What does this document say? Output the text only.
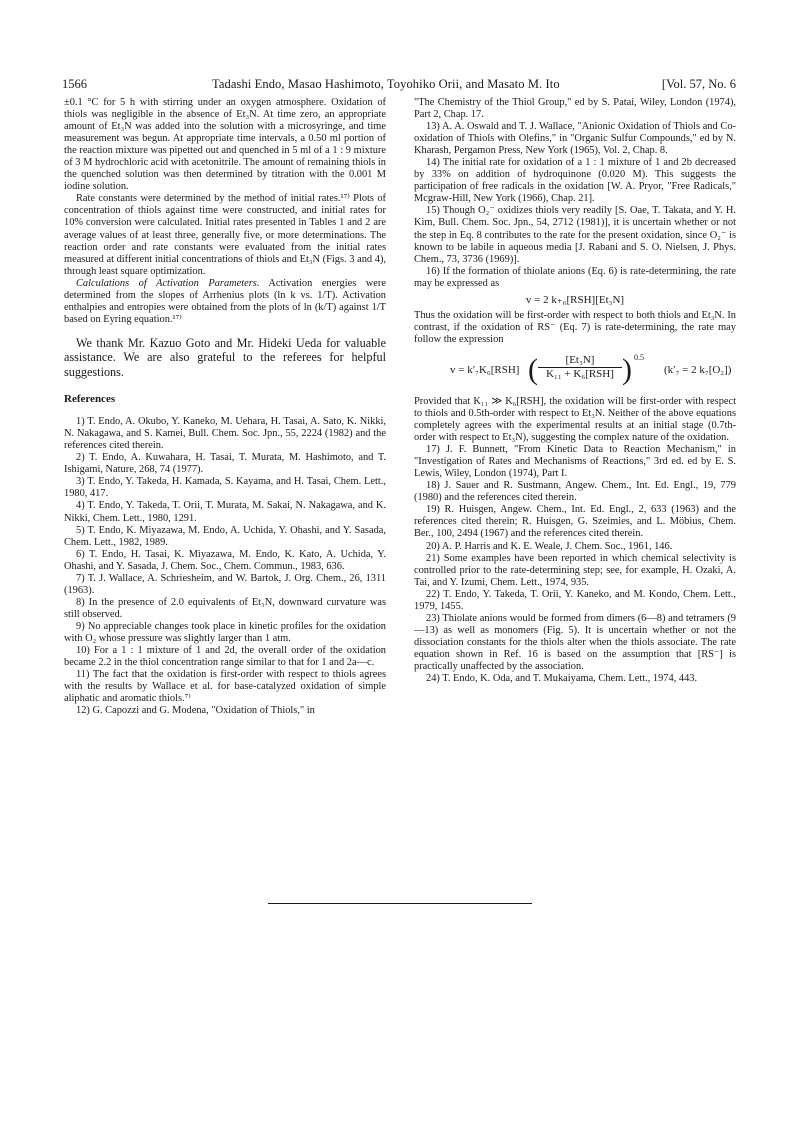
1566	Tadashi Endo, Masao Hashimoto, Toyohiko Orii, and Masato M. Ito	[Vol. 57, No. 6

±0.1 °C for 5 h with stirring under an oxygen atmosphere. Oxidation of thiols was negligible in the absence of Et₃N. At time zero, an appropriate amount of Et₃N was added into the solution with a microsyringe, and time measurement was begun. At appropriate time intervals, a 0.50 ml portion of the reaction mixture was pipetted out and quenched in 5 ml of a 1 : 9 mixture of 3 M hydrochloric acid with acetonitrile. The amount of remaining thiols in the quenched solution was then determined by titration with the 0.001 M iodine solution.

Rate constants were determined by the method of initial rates.¹⁷⁾ Plots of concentration of thiols against time were constructed, and initial rates for 10% conversion were calculated. Initial rates presented in Tables 1 and 2 are average values of at least three, generally five, or more determinations. The reaction order and rate constants were evaluated from the initial rates measured at different initial concentrations of thiols and Et₃N (Figs. 3 and 4), through least square optimization.

Calculations of Activation Parameters. Activation energies were determined from the slopes of Arrhenius plots (ln k vs. 1/T). Activation enthalpies and entropies were obtained from the plots of ln (k/T) against 1/T based on Eyring equation.¹⁷⁾

We thank Mr. Kazuo Goto and Mr. Hideki Ueda for valuable assistance. We are also grateful to the referees for helpful suggestions.

References

1) T. Endo, A. Okubo, Y. Kaneko, M. Uehara, H. Tasai, A. Sato, K. Nikki, N. Nakagawa, and S. Kamei, Bull. Chem. Soc. Jpn., 55, 2224 (1982) and the references cited therein.

2) T. Endo, A. Kuwahara, H. Tasai, T. Murata, M. Hashimoto, and T. Ishigami, Nature, 268, 74 (1977).

3) T. Endo, Y. Takeda, H. Kamada, S. Kayama, and H. Tasai, Chem. Lett., 1980, 417.

4) T. Endo, Y. Takeda, T. Orii, T. Murata, M. Sakai, N. Nakagawa, and K. Nikki, Chem. Lett., 1980, 1291.

5) T. Endo, K. Miyazawa, M. Endo, A. Uchida, Y. Ohashi, and Y. Sasada, Chem. Lett., 1982, 1989.

6) T. Endo, H. Tasai, K. Miyazawa, M. Endo, K. Kato, A. Uchida, Y. Ohashi, and Y. Sasada, J. Chem. Soc., Chem. Commun., 1983, 636.

7) T. J. Wallace, A. Schriesheim, and W. Bartok, J. Org. Chem., 26, 1311 (1963).

8) In the presence of 2.0 equivalents of Et₃N, downward curvature was still observed.

9) No appreciable changes took place in kinetic profiles for the oxidation with O₂ whose pressure was slightly larger than 1 atm.

10) For a 1 : 1 mixture of 1 and 2d, the overall order of the oxidation became 2.2 in the thiol concentration range similar to that for 1 and 2a—c.

11) The fact that the oxidation is first-order with respect to thiols agrees with the results by Wallace et al. for base-catalyzed oxidation of simple aliphatic and aromatic thiols.⁷⁾

12) G. Capozzi and G. Modena, "Oxidation of Thiols," in

"The Chemistry of the Thiol Group," ed by S. Patai, Wiley, London (1974), Part 2, Chap. 17.

13) A. A. Oswald and T. J. Wallace, "Anionic Oxidation of Thiols and Co-oxidation of Thiols with Olefins," in "Organic Sulfur Compounds," ed by N. Kharash, Pergamon Press, New York (1965), Vol. 2, Chap. 8.

14) The initial rate for oxidation of a 1 : 1 mixture of 1 and 2b decreased by 33% on addition of hydroquinone (0.020 M). This suggests the participation of free radicals in the oxidation [W. A. Pryor, "Free Radicals," Mcgraw-Hill, New York (1966), Chap. 21].

15) Though O₂⁻ oxidizes thiols very readily [S. Oae, T. Takata, and Y. H. Kim, Bull. Chem. Soc. Jpn., 54, 2712 (1981)], it is uncertain whether or not the step in Eq. 8 contributes to the rate for the present oxidation, since O₂⁻ is known to be labile in aqueous media [J. Rabani and S. O. Nielsen, J. Phys. Chem., 73, 3736 (1969)].

16) If the formation of thiolate anions (Eq. 6) is rate-determining, the rate may be expressed as

v = 2 k₊₆[RSH][Et₃N]

Thus the oxidation will be first-order with respect to both thiols and Et₃N. In contrast, if the oxidation of RS⁻ (Eq. 7) is rate-determining, the rate may follow the expression

v = k′₇K₆[RSH] (	[Et₃N]
K₁₁ + K₆[RSH] ) 0.5
(k′₇ = 2 k₇[O₂])

Provided that K₁₁ ≫ K₆[RSH], the oxidation will be first-order with respect to thiols and 0.5th-order with respect to Et₃N. Neither of the above equations completely agrees with the experimental results at an initial stage (0.7th-order with respect to Et₃N), suggesting the complex nature of the oxidation.

17) J. F. Bunnett, "From Kinetic Data to Reaction Mechanism," in "Investigation of Rates and Mechanisms of Reactions," 3rd ed. ed by E. S. Lewis, Wiley, London (1974), Part I.

18) J. Sauer and R. Sustmann, Angew. Chem., Int. Ed. Engl., 19, 779 (1980) and the references cited therein.

19) R. Huisgen, Angew. Chem., Int. Ed. Engl., 2, 633 (1963) and the references cited therein; R. Huisgen, G. Szeimies, and L. Möbius, Chem. Ber., 100, 2494 (1967) and the references cited therein.

20) A. P. Harris and K. E. Weale, J. Chem. Soc., 1961, 146.

21) Some examples have been reported in which chemical selectivity is controlled prior to the rate-determining step; see, for example, H. Ozaki, A. Tai, and Y. Izumi, Chem. Lett., 1974, 935.

22) T. Endo, Y. Takeda, T. Orii, Y. Kaneko, and M. Kondo, Chem. Lett., 1979, 1455.

23) Thiolate anions would be formed from dimers (6—8) and tetramers (9—13) as well as monomers (Fig. 5). It is uncertain whether or not the dissociation constants for the thiols alter when the thiols associate. The rate equation shown in Ref. 16 is based on the assumption that [RS⁻] is practically unaffected by the association.

24) T. Endo, K. Oda, and T. Mukaiyama, Chem. Lett., 1974, 443.
